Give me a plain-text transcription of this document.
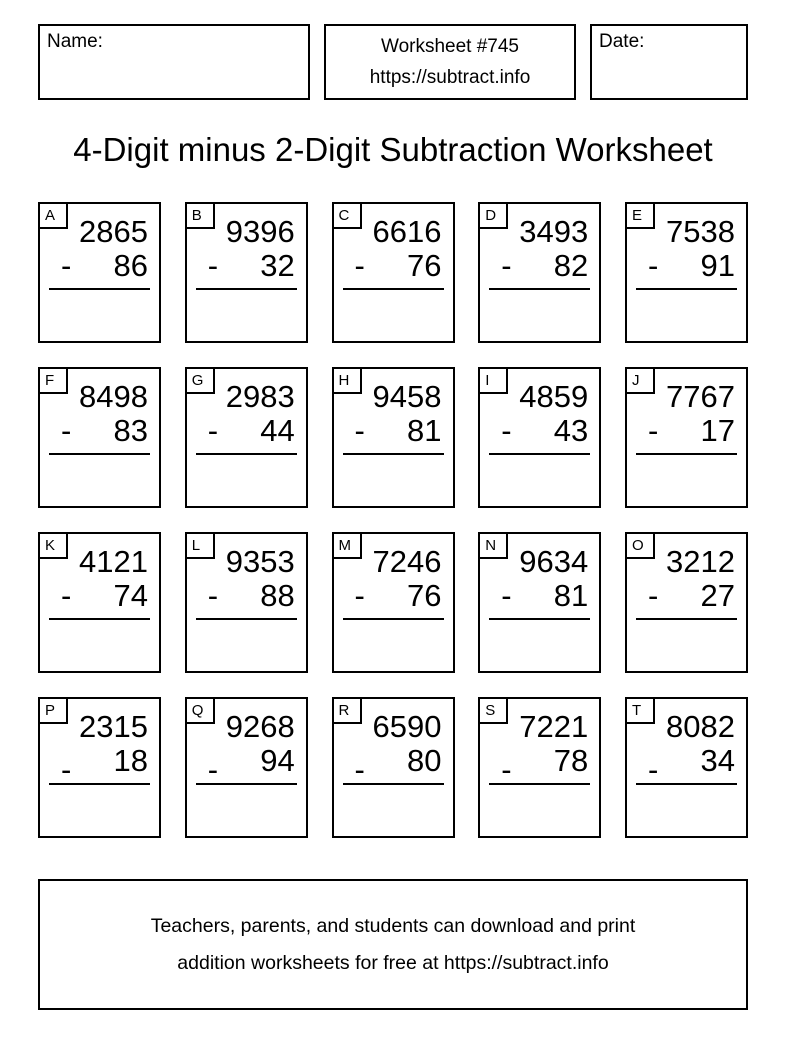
Name:	Worksheet #745
https://subtract.info
Date:
4-Digit minus 2-Digit Subtraction Worksheet
A 2865
- 86
B 9396
- 32
C 6616
- 76
D 3493
- 82
E 7538
- 91
F 8498
- 83
G 2983
- 44
H 9458
- 81
I 4859
- 43
J 7767
- 17
K 4121
- 74
L 9353
- 88
M 7246
- 76
N 9634
- 81
O 3212
- 27
P 2315
- 18
Q 9268
- 94
R 6590
- 80
S 7221
- 78
T 8082
- 34

Teachers, parents, and students can download and print

addition worksheets for free at https://subtract.info
